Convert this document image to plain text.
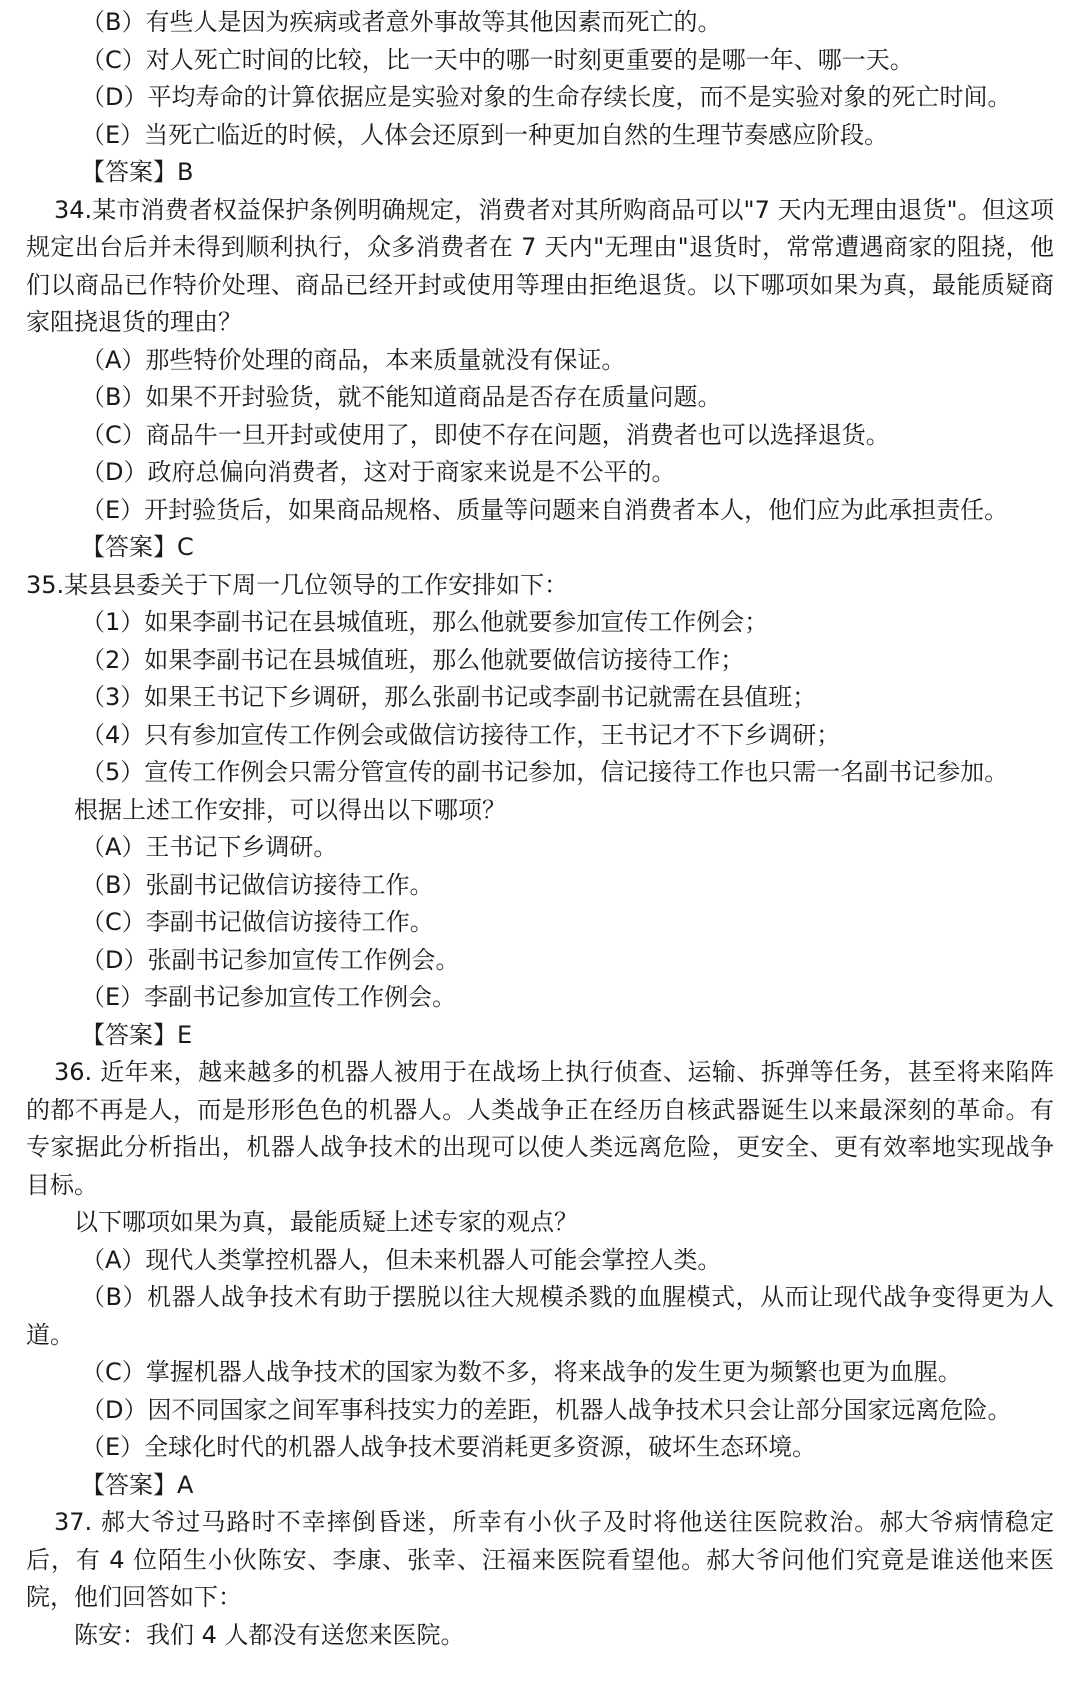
（B）有些人是因为疾病或者意外事故等其他因素而死亡的。
（C）对人死亡时间的比较，比一天中的哪一时刻更重要的是哪一年、哪一天。
（D）平均寿命的计算依据应是实验对象的生命存续长度，而不是实验对象的死亡时间。
（E）当死亡临近的时候，人体会还原到一种更加自然的生理节奏感应阶段。
【答案】B
34.某市消费者权益保护条例明确规定，消费者对其所购商品可以"7 天内无理由退货"。但这项规定出台后并未得到顺利执行，众多消费者在 7 天内"无理由"退货时，常常遭遇商家的阻挠，他们以商品已作特价处理、商品已经开封或使用等理由拒绝退货。以下哪项如果为真，最能质疑商家阻挠退货的理由？
（A）那些特价处理的商品，本来质量就没有保证。
（B）如果不开封验货，就不能知道商品是否存在质量问题。
（C）商品牛一旦开封或使用了，即使不存在问题，消费者也可以选择退货。
（D）政府总偏向消费者，这对于商家来说是不公平的。
（E）开封验货后，如果商品规格、质量等问题来自消费者本人，他们应为此承担责任。
【答案】C
35.某县县委关于下周一几位领导的工作安排如下：
（1）如果李副书记在县城值班，那么他就要参加宣传工作例会；
（2）如果李副书记在县城值班，那么他就要做信访接待工作；
（3）如果王书记下乡调研，那么张副书记或李副书记就需在县值班；
（4）只有参加宣传工作例会或做信访接待工作，王书记才不下乡调研；
（5）宣传工作例会只需分管宣传的副书记参加，信记接待工作也只需一名副书记参加。
根据上述工作安排，可以得出以下哪项？
（A）王书记下乡调研。
（B）张副书记做信访接待工作。
（C）李副书记做信访接待工作。
（D）张副书记参加宣传工作例会。
（E）李副书记参加宣传工作例会。
【答案】E
36. 近年来，越来越多的机器人被用于在战场上执行侦查、运输、拆弹等任务，甚至将来陷阵的都不再是人，而是形形色色的机器人。人类战争正在经历自核武器诞生以来最深刻的革命。有专家据此分析指出，机器人战争技术的出现可以使人类远离危险，更安全、更有效率地实现战争目标。
以下哪项如果为真，最能质疑上述专家的观点？
（A）现代人类掌控机器人，但未来机器人可能会掌控人类。
（B）机器人战争技术有助于摆脱以往大规模杀戮的血腥模式，从而让现代战争变得更为人道。
（C）掌握机器人战争技术的国家为数不多，将来战争的发生更为频繁也更为血腥。
（D）因不同国家之间军事科技实力的差距，机器人战争技术只会让部分国家远离危险。
（E）全球化时代的机器人战争技术要消耗更多资源，破坏生态环境。
【答案】A
37. 郝大爷过马路时不幸摔倒昏迷，所幸有小伙子及时将他送往医院救治。郝大爷病情稳定后，有 4 位陌生小伙陈安、李康、张幸、汪福来医院看望他。郝大爷问他们究竟是谁送他来医院，他们回答如下：
陈安：我们 4 人都没有送您来医院。
